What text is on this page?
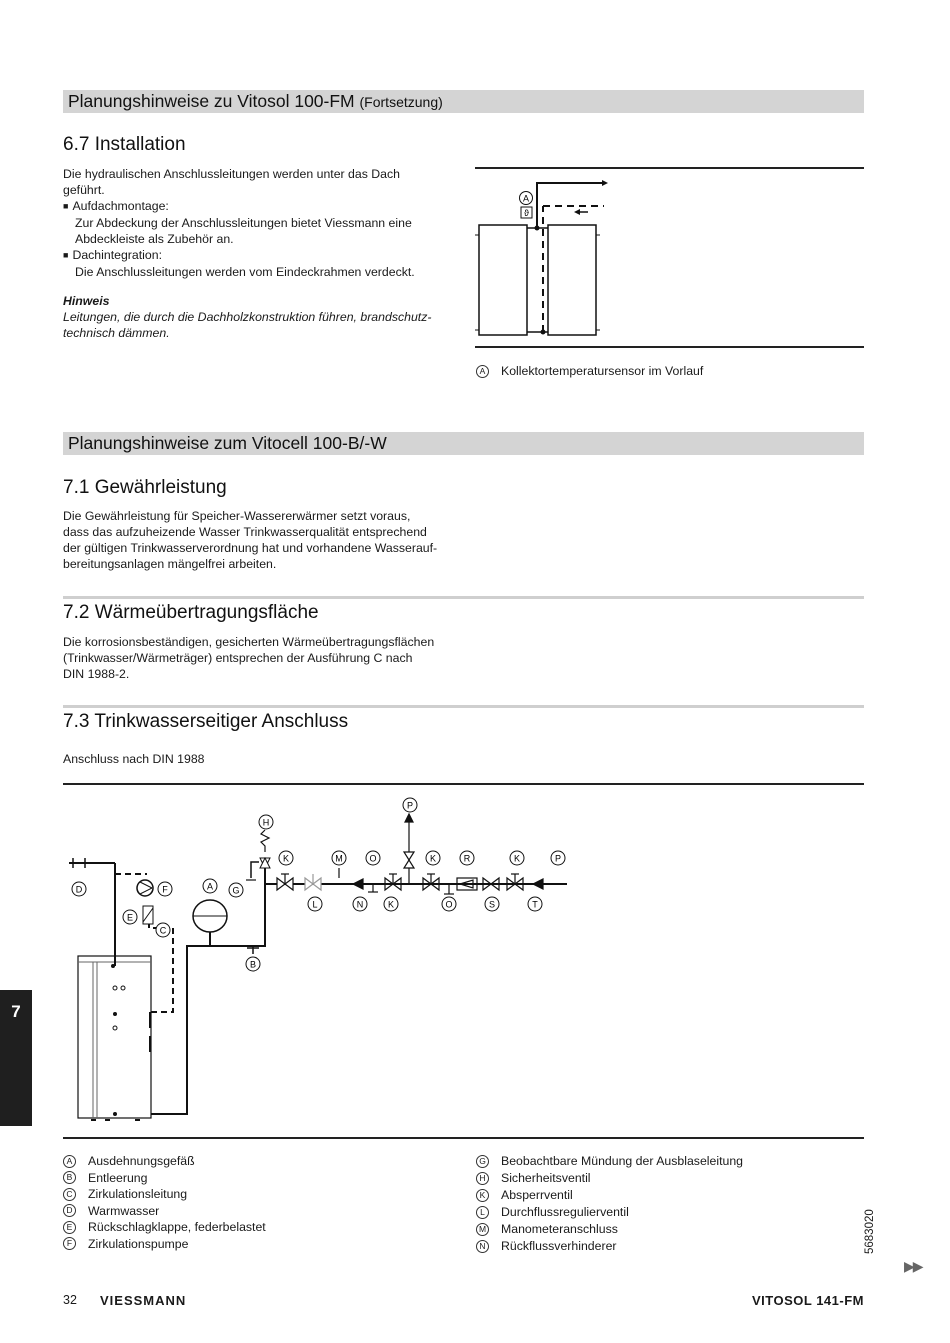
Planungshinweise zu Vitosol 100-FM (Fortsetzung)
6.7 Installation
Die hydraulischen Anschlussleitungen werden unter das Dach
geführt.
■ Aufdachmontage:
Zur Abdeckung der Anschlussleitungen bietet Viessmann eine
Abdeckleiste als Zubehör an.
■ Dachintegration:
Die Anschlussleitungen werden vom Eindeckrahmen verdeckt.
Hinweis
Leitungen, die durch die Dachholzkonstruktion führen, brandschutz-
technisch dämmen.
A
ϑ
A Kollektortemperatursensor im Vorlauf
Planungshinweise zum Vitocell 100-B/-W
7.1 Gewährleistung
Die Gewährleistung für Speicher-Wassererwärmer setzt voraus,
dass das aufzuheizende Wasser Trinkwasserqualität entsprechend
der gültigen Trinkwasserverordnung hat und vorhandene Wasserauf-
bereitungsanlagen mängelfrei arbeiten.
7.2 Wärmeübertragungsfläche
Die korrosionsbeständigen, gesicherten Wärmeübertragungsflächen
(Trinkwasser/Wärmeträger) entsprechen der Ausführung C nach
DIN 1988-2.
7.3 Trinkwasserseitiger Anschluss
Anschluss nach DIN 1988
D	F
E
C
A G
B
H
K	M	O
P
K	R	K	P
L	N	K	O	S	T
A Ausdehnungsgefäß
B Entleerung
C Zirkulationsleitung
D Warmwasser
E Rückschlagklappe, federbelastet
F	Zirkulationspumpe
G Beobachtbare Mündung der Ausblaseleitung
H Sicherheitsventil
K Absperrventil
L	Durchflussregulierventil
M Manometeranschluss
N Rückflussverhinderer
7
5683020
▶▶
32 VIESSMANN	VITOSOL 141-FM
